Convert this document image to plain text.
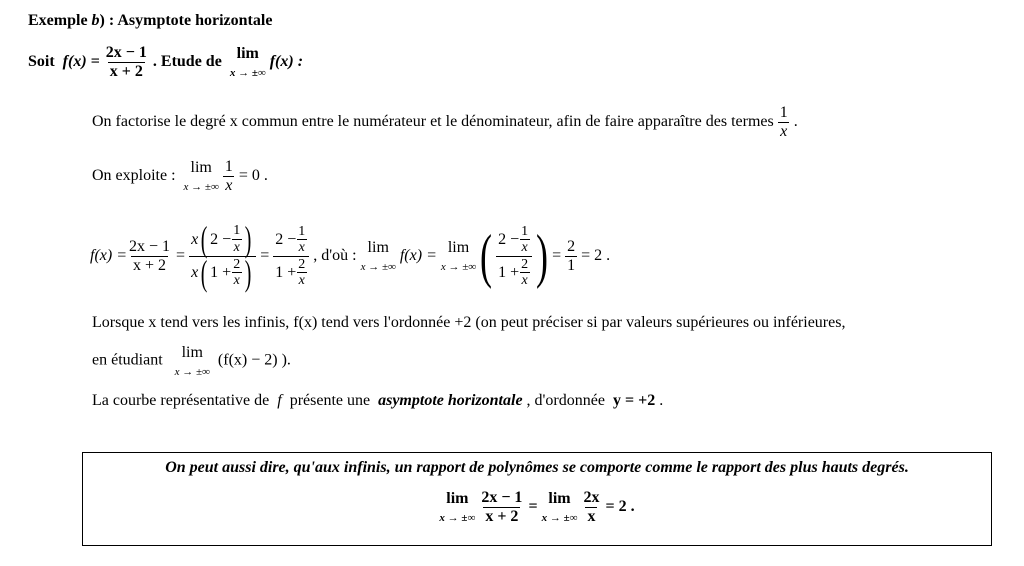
Exemple b) : Asymptote horizontale
Soit $f(x) = \frac{2x - 1}{x + 2}$ . Etude de lim
x → ±∞
f(x) :
On factorise le degré x commun entre le numérateur et le dénominateur, afin de faire apparaître des termes $\frac{1}{x}$ .
On exploite : lim
x → ±∞
$\frac{1}{x} = 0$ .
$f(x) = \frac{2x - 1}{x + 2} = \frac{x ( 2 - \frac{1}{x} )}{x ( 1 + \frac{2}{x} )} = \frac{2 - \frac{1}{x}}{1 + \frac{2}{x}}$
, d'où :
lim
x → ±∞

f(x) =
lim
x → ±∞ ( $\frac{2 - \frac{1}{x}}{1 + \frac{2}{x}}$ ) = $\frac{2}{1}$
= 2 .
Lorsque x tend vers les infinis, f(x) tend vers l'ordonnée +2 (on peut préciser si par valeurs supérieures ou inférieures,
en étudiant lim
x → ±∞
(f(x) − 2) ).
La courbe représentative de f présente une asymptote horizontale , d'ordonnée y = +2 .
On peut aussi dire, qu'aux infinis, un rapport de polynômes se comporte comme le rapport des plus hauts degrés.
lim
x → ±∞
$\frac{2x - 1}{x + 2}$
=
lim
x → ±∞
$\frac{2x}{x}$
= 2 .
